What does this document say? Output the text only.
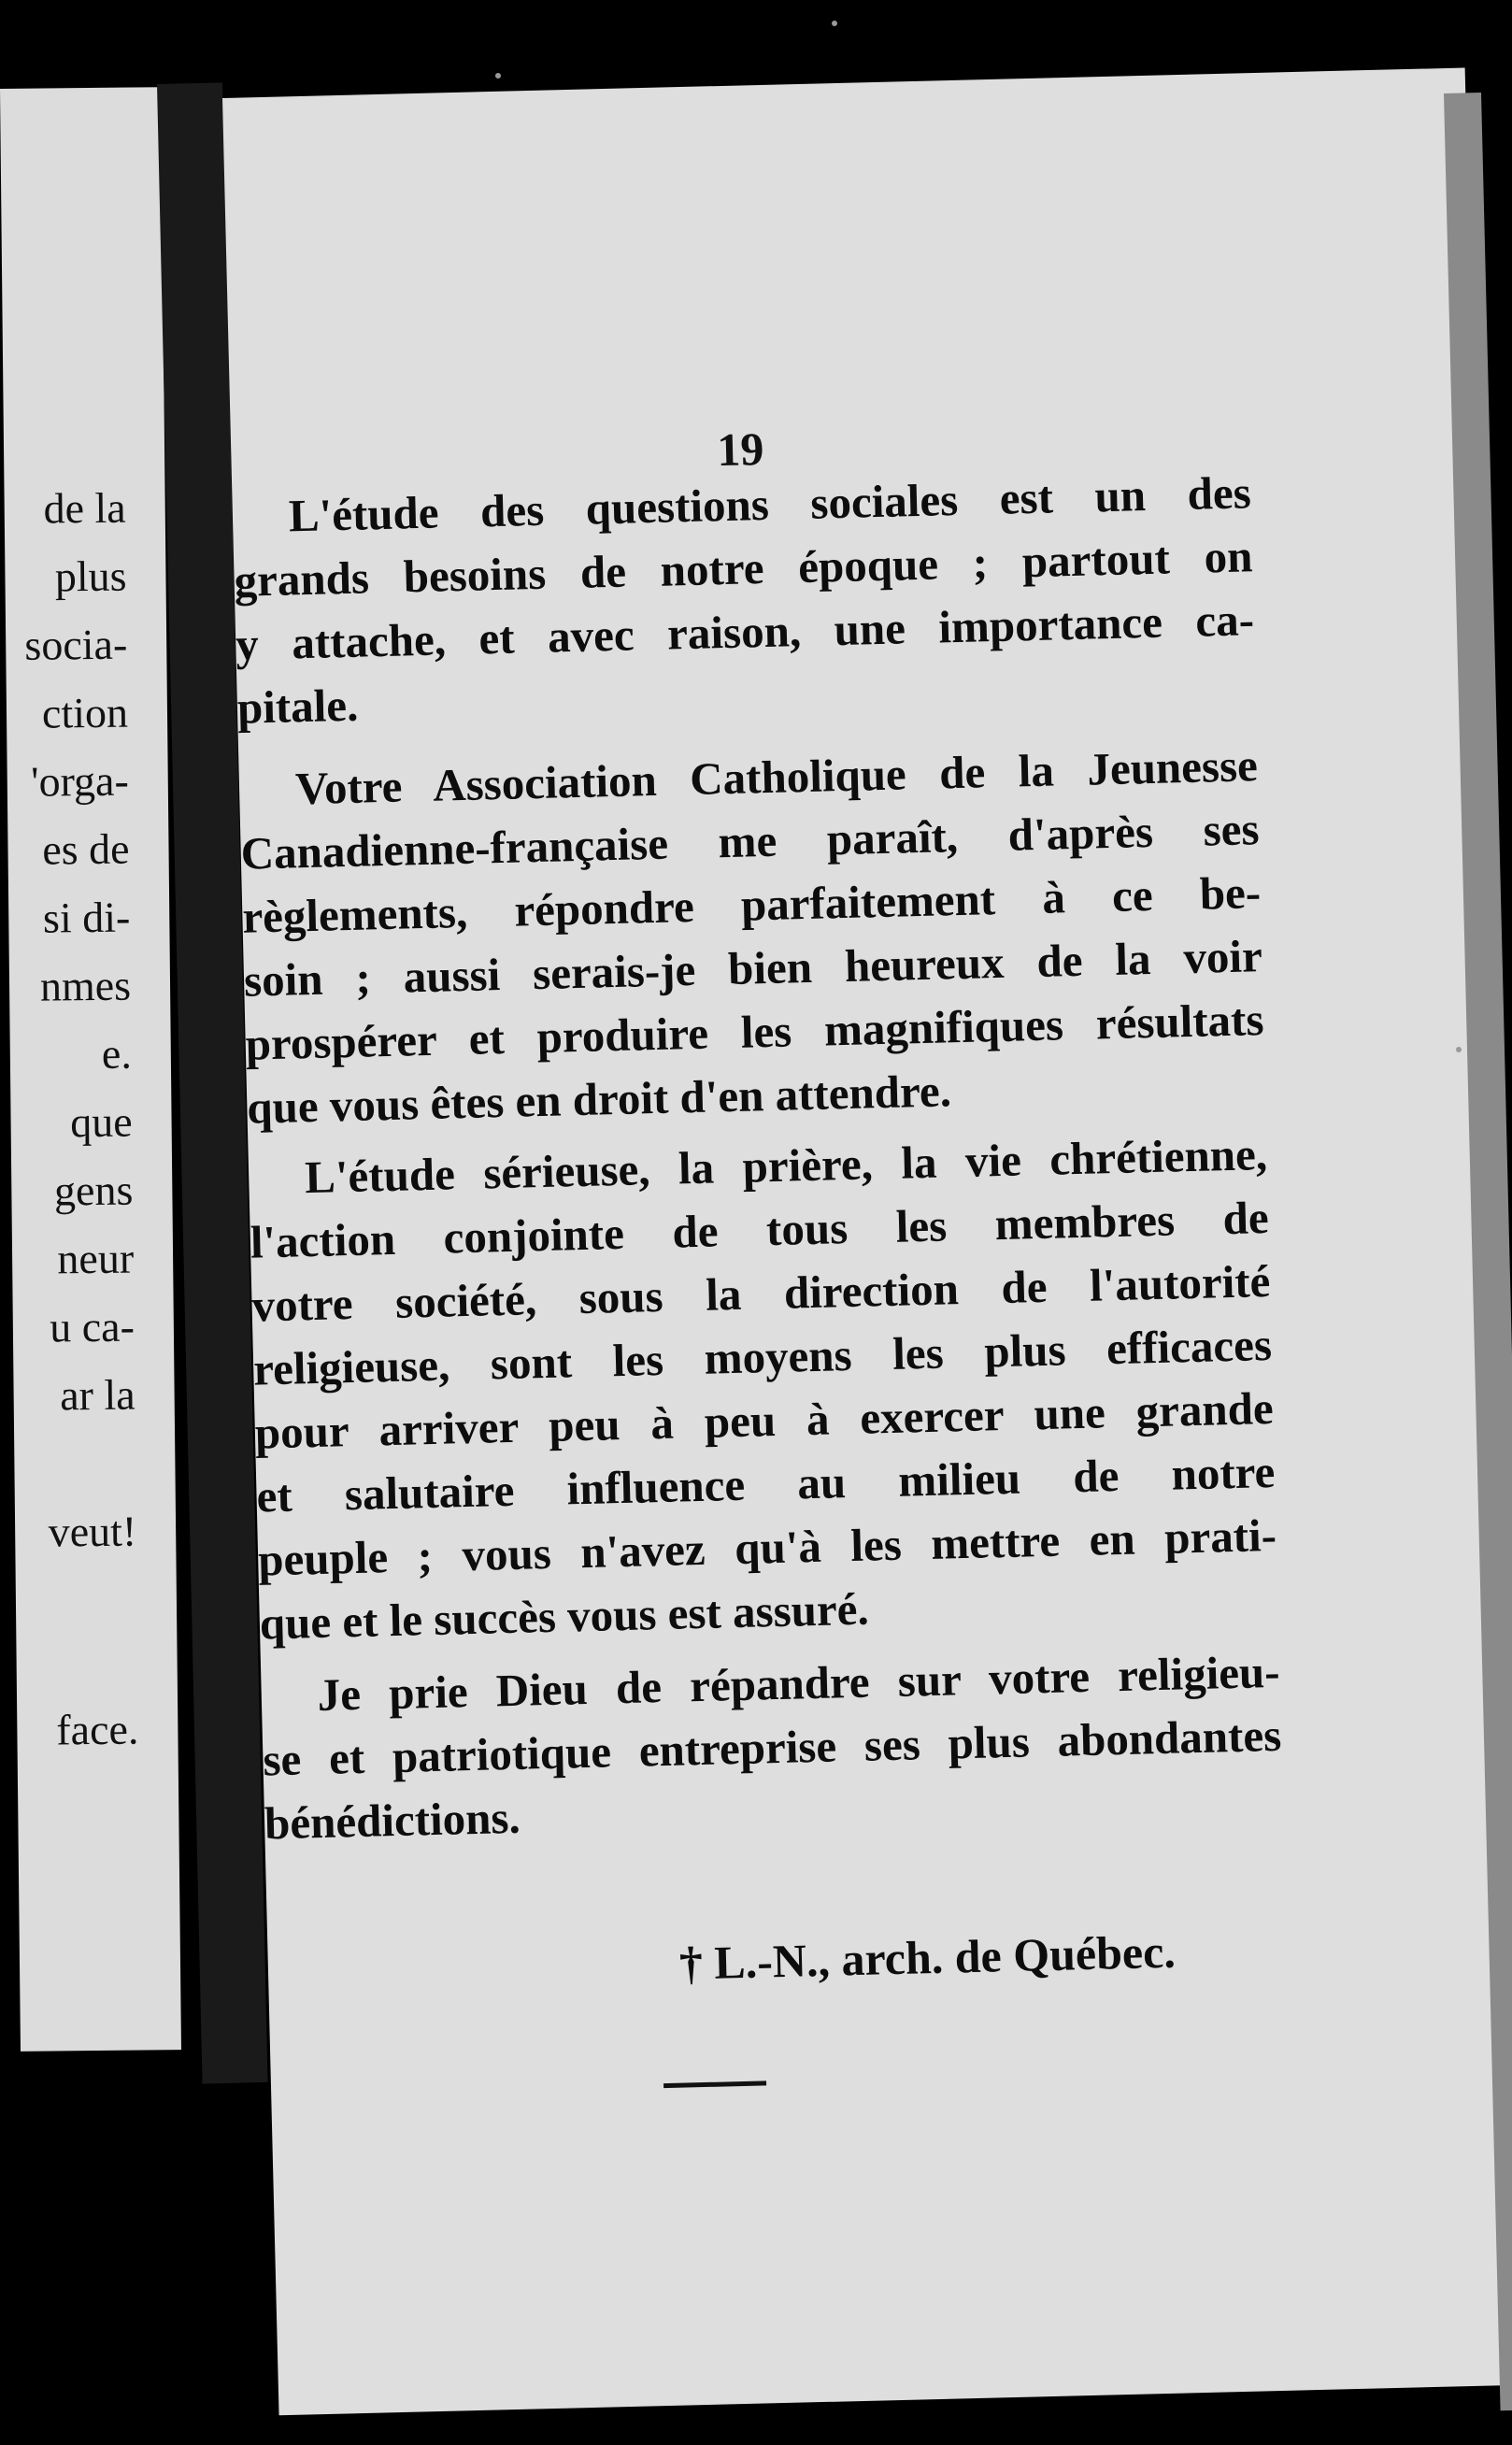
de la
plus
socia-
ction
'orga-
es de
si di-
nmes
e.
que
gens
neur
u ca-
ar la
veut!
face.
19
L'étude des questions sociales est un des
grands besoins de notre époque ; partout on
y attache, et avec raison, une importance ca-
pitale.
Votre Association Catholique de la Jeunesse
Canadienne-française me paraît, d'après ses
règlements, répondre parfaitement à ce be-
soin ; aussi serais-je bien heureux de la voir
prospérer et produire les magnifiques résultats
que vous êtes en droit d'en attendre.
L'étude sérieuse, la prière, la vie chrétienne,
l'action conjointe de tous les membres de
votre société, sous la direction de l'autorité
religieuse, sont les moyens les plus efficaces
pour arriver peu à peu à exercer une grande
et salutaire influence au milieu de notre
peuple ; vous n'avez qu'à les mettre en prati-
que et le succès vous est assuré.
Je prie Dieu de répandre sur votre religieu-
se et patriotique entreprise ses plus abondantes
bénédictions.
† L.-N., arch. de Québec.
